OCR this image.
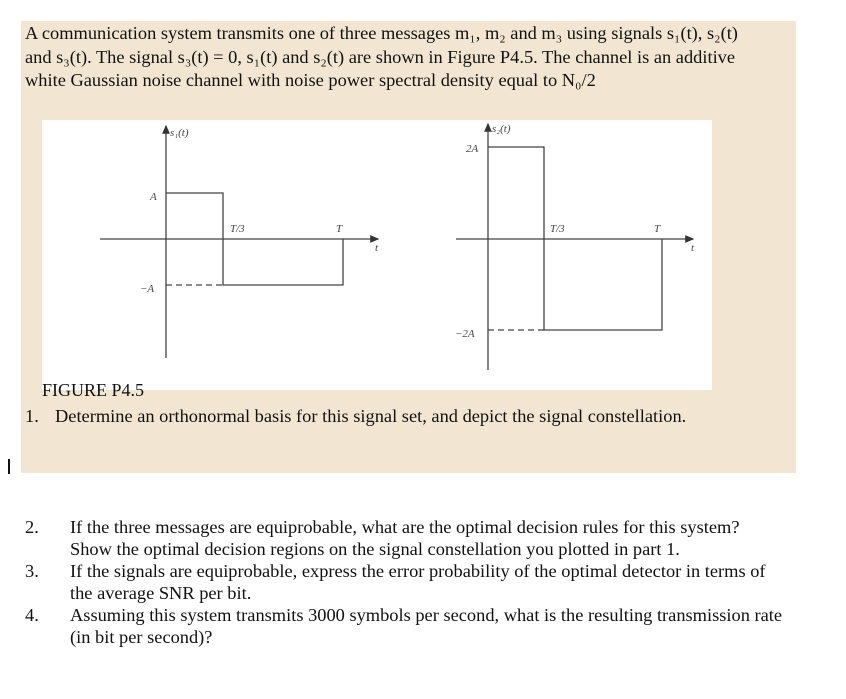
A communication system transmits one of three messages m₁, m₂ and m₃ using signals s₁(t), s₂(t) and s₃(t). The signal s₃(t) = 0, s₁(t) and s₂(t) are shown in Figure P4.5. The channel is an additive white Gaussian noise channel with noise power spectral density equal to N₀/2

s₁(t)
A
−A
T/3	T
t
s₂(t)
2A
−2A
T/3	T
t

FIGURE P4.5

1. Determine an orthonormal basis for this signal set, and depict the signal constellation.
2.	If the three messages are equiprobable, what are the optimal decision rules for this system? Show the optimal decision regions on the signal constellation you plotted in part 1.
3.	If the signals are equiprobable, express the error probability of the optimal detector in terms of the average SNR per bit.
4.	Assuming this system transmits 3000 symbols per second, what is the resulting transmission rate (in bit per second)?
